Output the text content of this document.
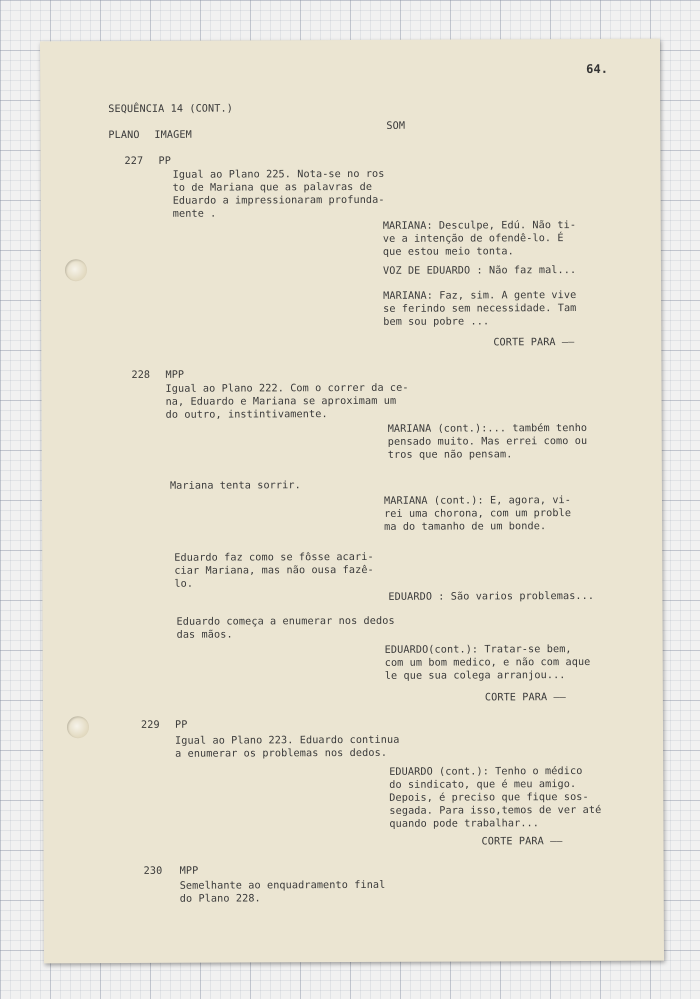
64.
SEQUÊNCIA 14 (CONT.)
PLANO IMAGEM
SOM
227 PP
Igual ao Plano 225. Nota-se no ros
to de Mariana que as palavras de
Eduardo a impressionaram profunda-
mente .
MARIANA: Desculpe, Edú. Não ti-
ve a intenção de ofendê-lo. É
que estou meio tonta.
VOZ DE EDUARDO : Não faz mal...
MARIANA: Faz, sim. A gente vive
se ferindo sem necessidade. Tam
bem sou pobre ...
CORTE PARA ——
228 MPP
Igual ao Plano 222. Com o correr da ce-
na, Eduardo e Mariana se aproximam um
do outro, instintivamente.
MARIANA (cont.):... também tenho
pensado muito. Mas errei como ou
tros que não pensam.
Mariana tenta sorrir.
MARIANA (cont.): E, agora, vi-
rei uma chorona, com um proble
ma do tamanho de um bonde.
Eduardo faz como se fôsse acari-
ciar Mariana, mas não ousa fazê-
lo.
EDUARDO : São varios problemas...
Eduardo começa a enumerar nos dedos
das mãos.
EDUARDO(cont.): Tratar-se bem,
com um bom medico, e não com aque
le que sua colega arranjou...
CORTE PARA ——
229 PP
Igual ao Plano 223. Eduardo continua
a enumerar os problemas nos dedos.
EDUARDO (cont.): Tenho o médico
do sindicato, que é meu amigo.
Depois, é preciso que fique sos-
segada. Para isso,temos de ver até
quando pode trabalhar...
CORTE PARA ——
230 MPP
Semelhante ao enquadramento final
do Plano 228.
